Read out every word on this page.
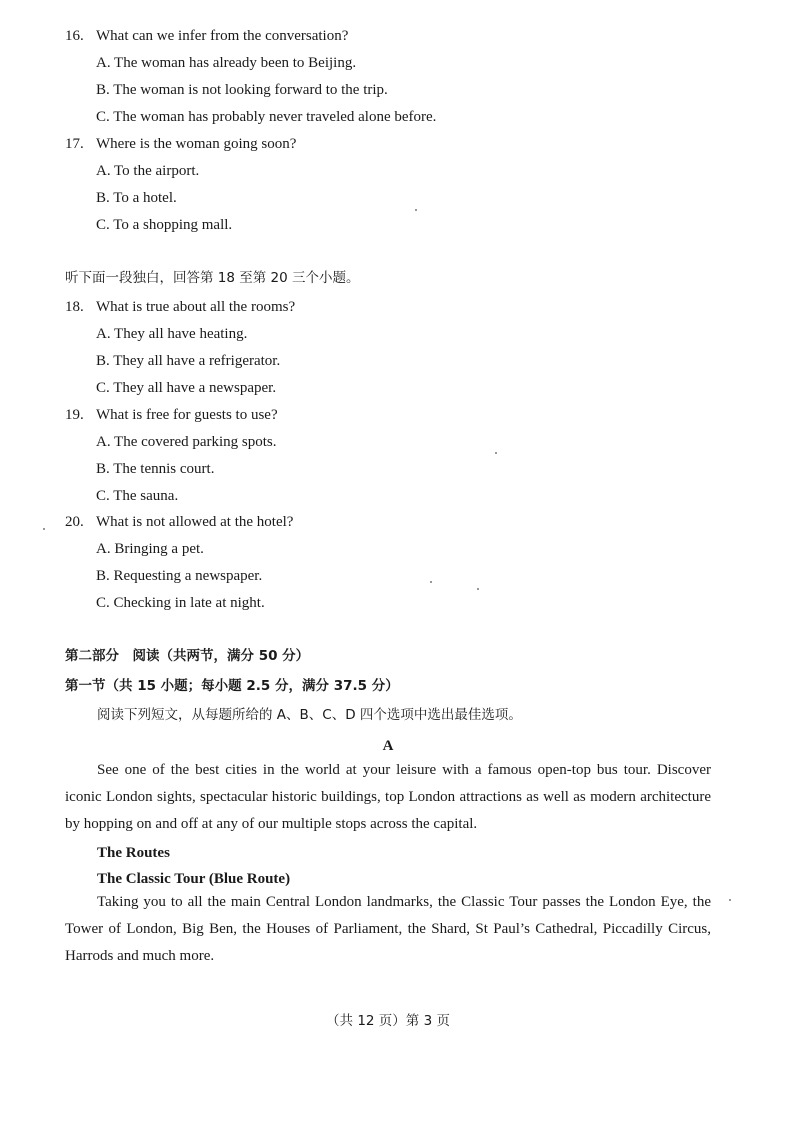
16. What can we infer from the conversation?
A. The woman has already been to Beijing.
B. The woman is not looking forward to the trip.
C. The woman has probably never traveled alone before.
17. Where is the woman going soon?
A. To the airport.
B. To a hotel.
C. To a shopping mall.
听下面一段独白，回答第 18 至第 20 三个小题。
18. What is true about all the rooms?
A. They all have heating.
B. They all have a refrigerator.
C. They all have a newspaper.
19. What is free for guests to use?
A. The covered parking spots.
B. The tennis court.
C. The sauna.
20. What is not allowed at the hotel?
A. Bringing a pet.
B. Requesting a newspaper.
C. Checking in late at night.
第二部分　阅读（共两节，满分 50 分）
第一节（共 15 小题；每小题 2.5 分，满分 37.5 分）
阅读下列短文，从每题所给的 A、B、C、D 四个选项中选出最佳选项。
A

See one of the best cities in the world at your leisure with a famous open-top bus tour. Discover iconic London sights, spectacular historic buildings, top London attractions as well as modern architecture by hopping on and off at any of our multiple stops across the capital.

The Routes
The Classic Tour (Blue Route)

Taking you to all the main Central London landmarks, the Classic Tour passes the London Eye, the Tower of London, Big Ben, the Houses of Parliament, the Shard, St Paul’s Cathedral, Piccadilly Circus, Harrods and much more.

（共 12 页）第 3 页
